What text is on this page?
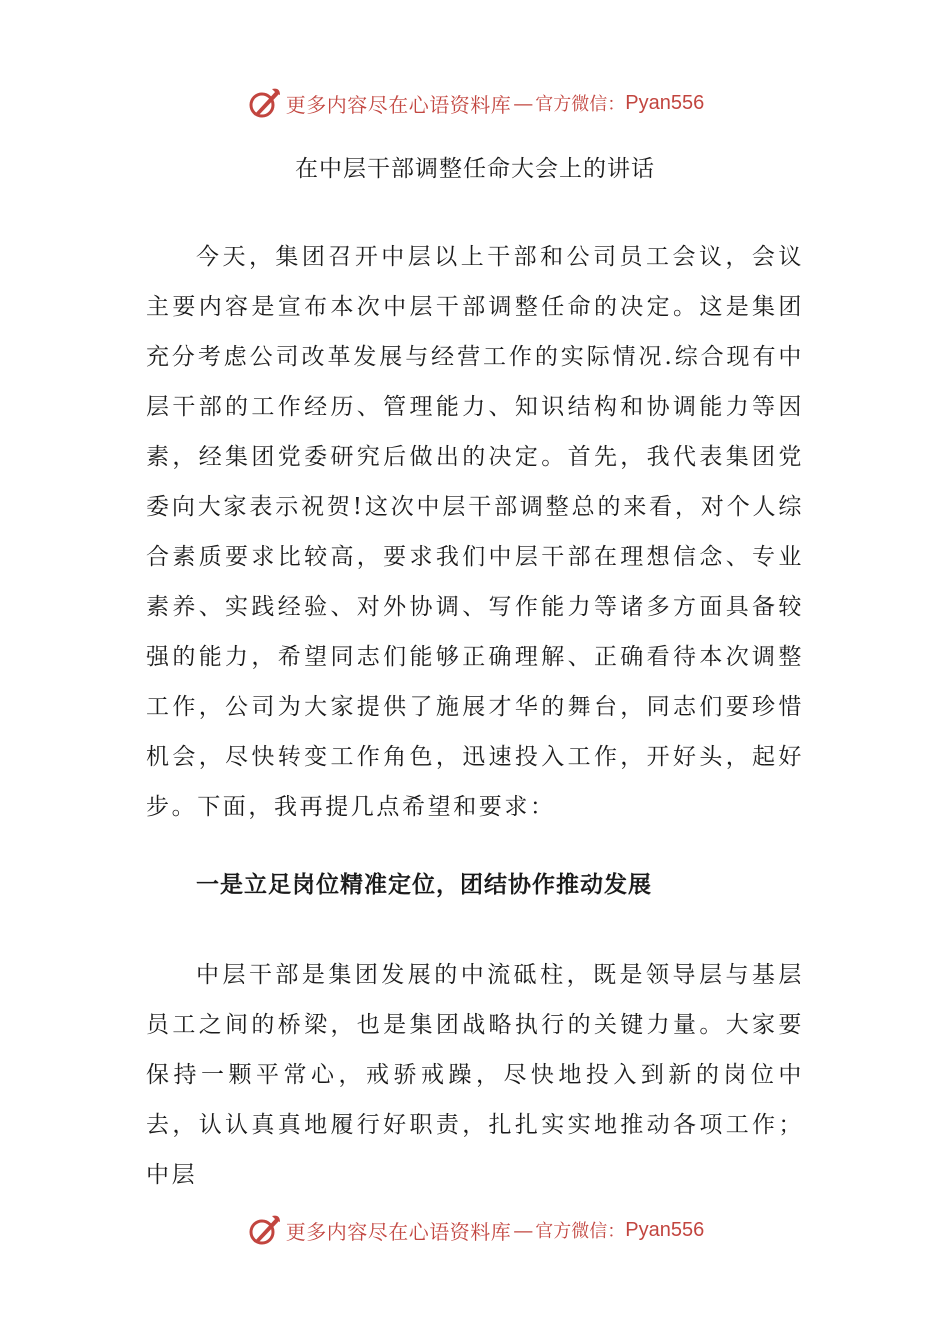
更多内容尽在心语资料库 — 官方微信： Pyan556
在中层干部调整任命大会上的讲话

今天，集团召开中层以上干部和公司员工会议，会议主要内容是宣布本次中层干部调整任命的决定。这是集团充分考虑公司改革发展与经营工作的实际情况.综合现有中层干部的工作经历、管理能力、知识结构和协调能力等因素，经集团党委研究后做出的决定。首先，我代表集团党委向大家表示祝贺!这次中层干部调整总的来看，对个人综合素质要求比较高，要求我们中层干部在理想信念、专业素养、实践经验、对外协调、写作能力等诸多方面具备较强的能力，希望同志们能够正确理解、正确看待本次调整工作，公司为大家提供了施展才华的舞台，同志们要珍惜机会，尽快转变工作角色，迅速投入工作，开好头，起好步。下面，我再提几点希望和要求：

一是立足岗位精准定位，团结协作推动发展

中层干部是集团发展的中流砥柱，既是领导层与基层员工之间的桥梁，也是集团战略执行的关键力量。大家要保持一颗平常心，戒骄戒躁，尽快地投入到新的岗位中去，认认真真地履行好职责，扎扎实实地推动各项工作；中层

更多内容尽在心语资料库 — 官方微信： Pyan556
